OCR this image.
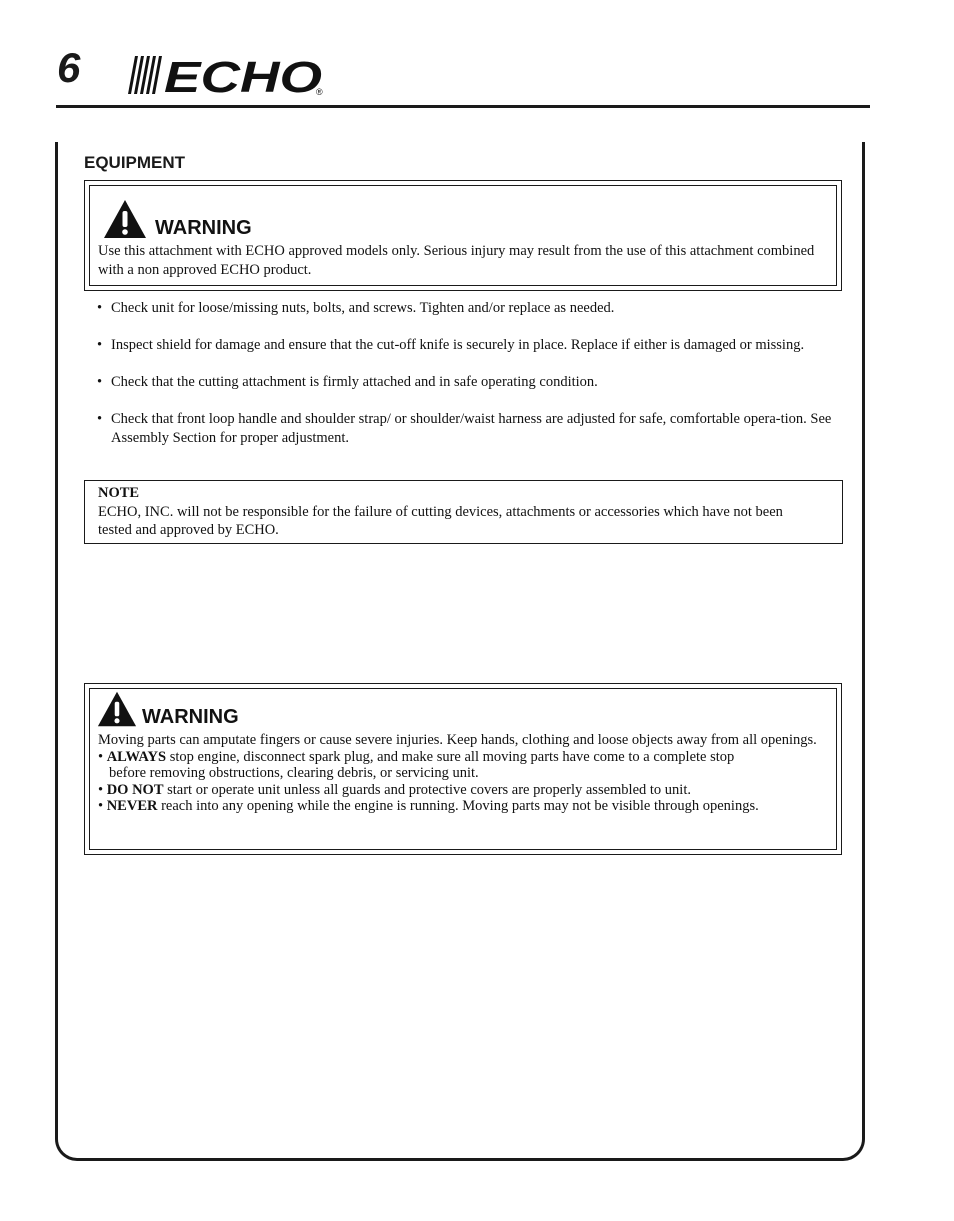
6 ECHO
®
EQUIPMENT
WARNING
Use this attachment with ECHO approved models only. Serious injury may result from the use of this attachment combined with a non approved ECHO product.
• Check unit for loose/missing nuts, bolts, and screws. Tighten and/or replace as needed.
• Inspect shield for damage and ensure that the cut-off knife is securely in place. Replace if either is damaged or missing.
• Check that the cutting attachment is firmly attached and in safe operating condition.
• Check that front loop handle and shoulder strap/ or shoulder/waist harness are adjusted for safe, comfortable opera-tion. See Assembly Section for proper adjustment.
NOTE
ECHO, INC. will not be responsible for the failure of cutting devices, attachments or accessories which have not been tested and approved by ECHO.
WARNING
Moving parts can amputate fingers or cause severe injuries. Keep hands, clothing and loose objects away from all openings.
• ALWAYS stop engine, disconnect spark plug, and make sure all moving parts have come to a complete stop
before removing obstructions, clearing debris, or servicing unit.
• DO NOT start or operate unit unless all guards and protective covers are properly assembled to unit.
• NEVER reach into any opening while the engine is running. Moving parts may not be visible through openings.
